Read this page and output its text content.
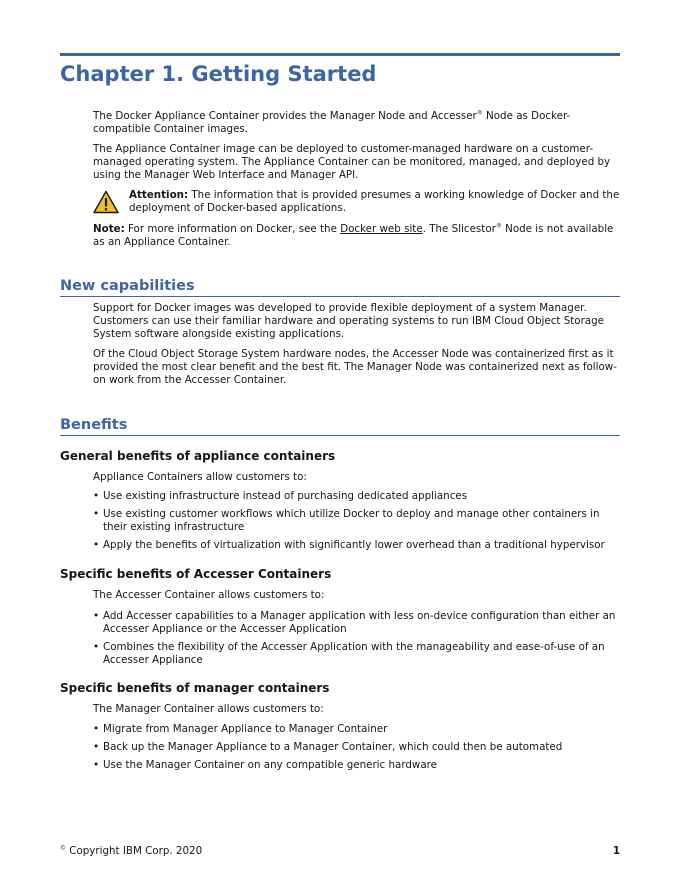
Chapter 1. Getting Started

The Docker Appliance Container provides the Manager Node and Accesser® Node as Docker-compatible Container images.

The Appliance Container image can be deployed to customer-managed hardware on a customer-managed operating system. The Appliance Container can be monitored, managed, and deployed by using the Manager Web Interface and Manager API.

Attention: The information that is provided presumes a working knowledge of Docker and the deployment of Docker-based applications.

Note: For more information on Docker, see the Docker web site. The Slicestor® Node is not available as an Appliance Container.

New capabilities

Support for Docker images was developed to provide flexible deployment of a system Manager. Customers can use their familiar hardware and operating systems to run IBM Cloud Object Storage System software alongside existing applications.

Of the Cloud Object Storage System hardware nodes, the Accesser Node was containerized first as it provided the most clear benefit and the best fit. The Manager Node was containerized next as follow-on work from the Accesser Container.

Benefits
General benefits of appliance containers

Appliance Containers allow customers to:

• Use existing infrastructure instead of purchasing dedicated appliances
• Use existing customer workflows which utilize Docker to deploy and manage other containers in their existing infrastructure
• Apply the benefits of virtualization with significantly lower overhead than a traditional hypervisor
Specific benefits of Accesser Containers

The Accesser Container allows customers to:

• Add Accesser capabilities to a Manager application with less on-device configuration than either an Accesser Appliance or the Accesser Application
• Combines the flexibility of the Accesser Application with the manageability and ease-of-use of an Accesser Appliance
Specific benefits of manager containers

The Manager Container allows customers to:

• Migrate from Manager Appliance to Manager Container
• Back up the Manager Appliance to a Manager Container, which could then be automated
• Use the Manager Container on any compatible generic hardware
© Copyright IBM Corp. 2020	1
